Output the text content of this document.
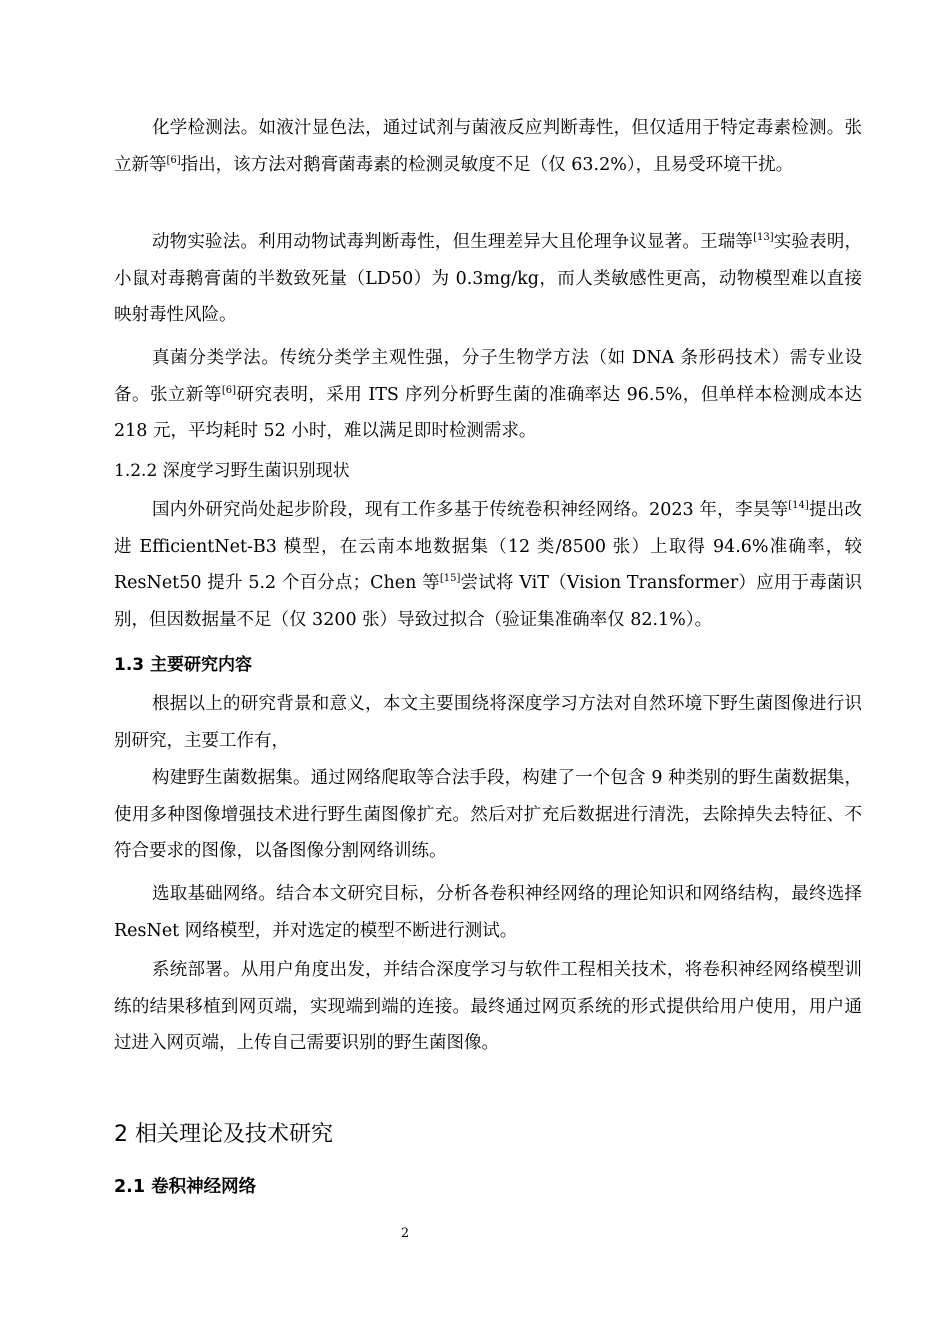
化学检测法。如液汁显色法，通过试剂与菌液反应判断毒性，但仅适用于特定毒素检测。张立新等[6]指出，该方法对鹅膏菌毒素的检测灵敏度不足（仅 63.2%），且易受环境干扰。

动物实验法。利用动物试毒判断毒性，但生理差异大且伦理争议显著。王瑞等[13]实验表明，小鼠对毒鹅膏菌的半数致死量（LD50）为 0.3mg/kg，而人类敏感性更高，动物模型难以直接映射毒性风险。

真菌分类学法。传统分类学主观性强，分子生物学方法（如 DNA 条形码技术）需专业设备。张立新等[6]研究表明，采用 ITS 序列分析野生菌的准确率达 96.5%，但单样本检测成本达 218 元，平均耗时 52 小时，难以满足即时检测需求。

1.2.2 深度学习野生菌识别现状

国内外研究尚处起步阶段，现有工作多基于传统卷积神经网络。2023 年，李昊等[14]提出改进 EfficientNet-B3 模型，在云南本地数据集（12 类/8500 张）上取得 94.6%准确率，较 ResNet50 提升 5.2 个百分点；Chen 等[15]尝试将 ViT（Vision Transformer）应用于毒菌识别，但因数据量不足（仅 3200 张）导致过拟合（验证集准确率仅 82.1%）。

1.3 主要研究内容

根据以上的研究背景和意义，本文主要围绕将深度学习方法对自然环境下野生菌图像进行识别研究，主要工作有，

构建野生菌数据集。通过网络爬取等合法手段，构建了一个包含 9 种类别的野生菌数据集，使用多种图像增强技术进行野生菌图像扩充。然后对扩充后数据进行清洗，去除掉失去特征、不符合要求的图像，以备图像分割网络训练。

选取基础网络。结合本文研究目标，分析各卷积神经网络的理论知识和网络结构，最终选择 ResNet 网络模型，并对选定的模型不断进行测试。

系统部署。从用户角度出发，并结合深度学习与软件工程相关技术，将卷积神经网络模型训练的结果移植到网页端，实现端到端的连接。最终通过网页系统的形式提供给用户使用，用户通过进入网页端，上传自己需要识别的野生菌图像。

2 相关理论及技术研究
2.1 卷积神经网络
2
